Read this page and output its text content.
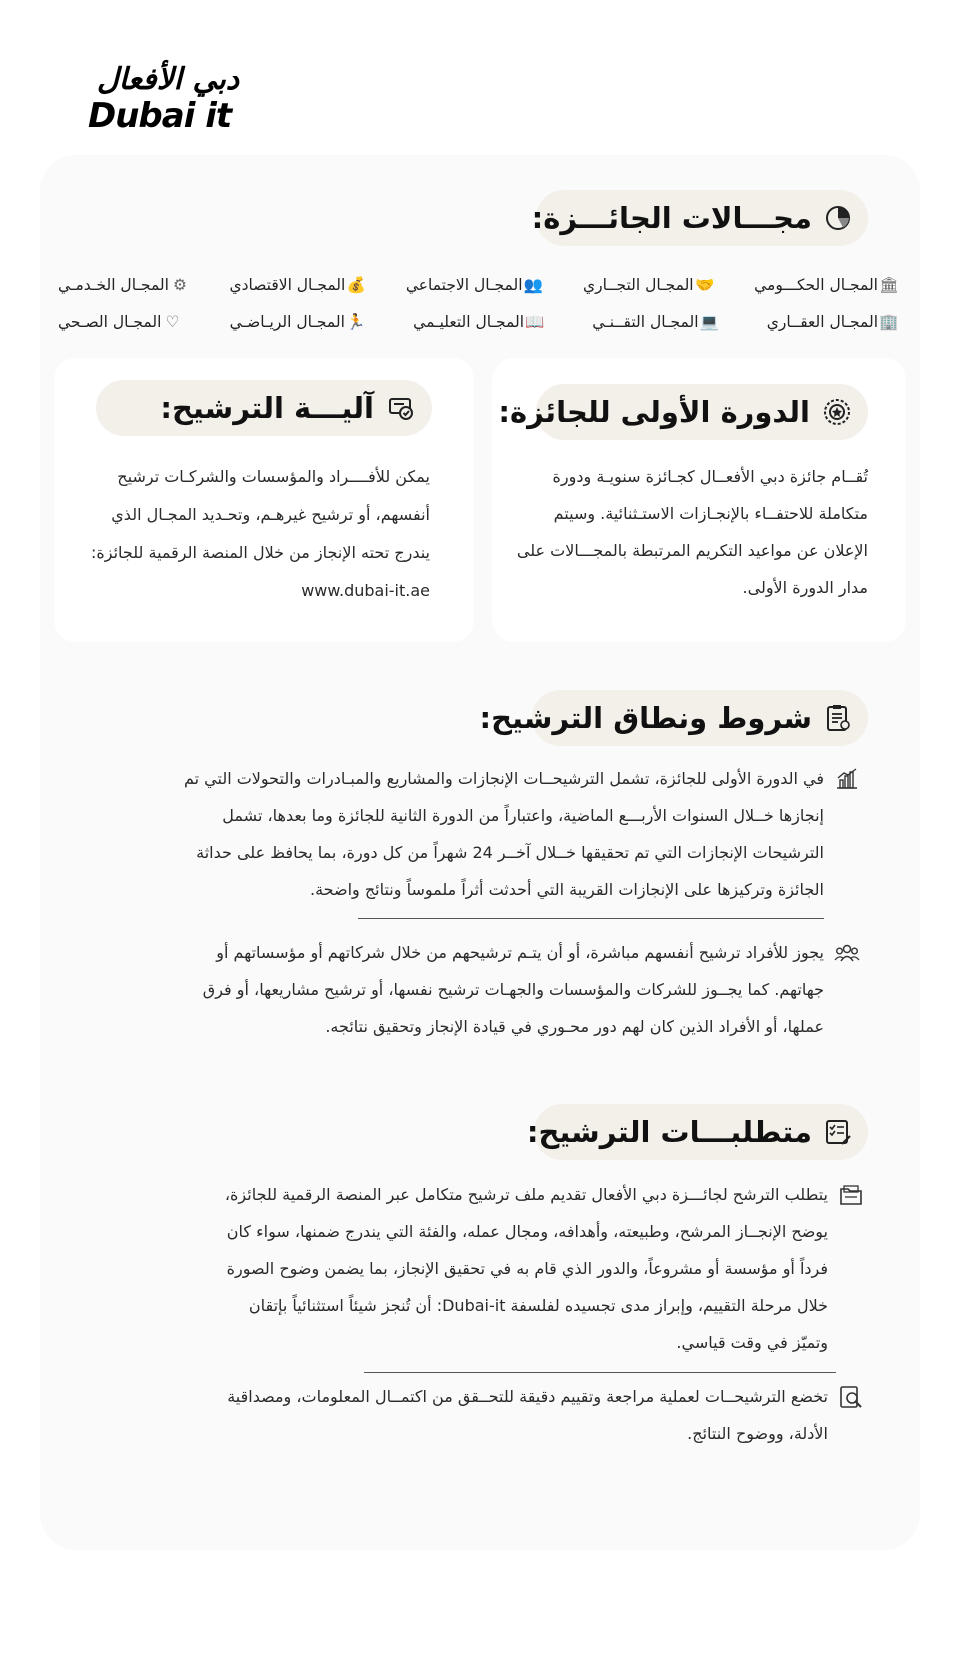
دبي الأفعال
Dubai it
مجـــالات الجائـــزة:
🏛
المجـال الحكـــومي
🤝
المجـال التجــاري
👥
المجـال الاجتماعي
💰
المجـال الاقتصادي
⚙
المجـال الخـدمـي
🏢
المجـال العقــاري
💻
المجـال التقــنـي
📖
المجـال التعليـمي
🏃
المجـال الريـاضـي
♡
المجـال الصـحي
الدورة الأولى للجائزة:
تُقــام جائزة دبي الأفعــال كجـائزة سنويـة ودورة
متكاملة للاحتفــاء بالإنجـازات الاستـثنائية. وسيتم
الإعلان عن مواعيد التكريم المرتبطة بالمجـــالات على
مدار الدورة الأولى.
آليـــة الترشيح:
يمكن للأفــــراد والمؤسسات والشركـات ترشيح
أنفسهم، أو ترشيح غيرهـم، وتحـديد المجـال الذي
يندرج تحته الإنجاز من خلال المنصة الرقمية للجائزة:
www.dubai-it.ae
شروط ونطاق الترشيح:
في الدورة الأولى للجائزة، تشمل الترشيحــات الإنجازات والمشاريع والمبـادرات والتحولات التي تم
إنجازها خــلال السنوات الأربـــع الماضية، واعتباراً من الدورة الثانية للجائزة وما بعدها، تشمل
الترشيحات الإنجازات التي تم تحقيقها خــلال آخــر 24 شهراً من كل دورة، بما يحافظ على حداثة
الجائزة وتركيزها على الإنجازات القريبة التي أحدثت أثراً ملموساً ونتائج واضحة.
يجوز للأفراد ترشيح أنفسهم مباشرة، أو أن يتـم ترشيحهم من خلال شركاتهم أو مؤسساتهم أو
جهاتهم. كما يجــوز للشركات والمؤسسات والجهـات ترشيح نفسها، أو ترشيح مشاريعها، أو فرق
عملها، أو الأفراد الذين كان لهم دور محـوري في قيادة الإنجاز وتحقيق نتائجه.
متطلبـــات الترشيح:
يتطلب الترشح لجائـــزة دبي الأفعال تقديم ملف ترشيح متكامل عبر المنصة الرقمية للجائزة،
يوضح الإنجــاز المرشح، وطبيعته، وأهدافه، ومجال عمله، والفئة التي يندرج ضمنها، سواء كان
فرداً أو مؤسسة أو مشروعاً، والدور الذي قام به في تحقيق الإنجاز، بما يضمن وضوح الصورة
خلال مرحلة التقييم، وإبراز مدى تجسيده لفلسفة Dubai-it: أن تُنجز شيئاً استثنائياً بإتقان
وتميّز في وقت قياسي.
تخضع الترشيحــات لعملية مراجعة وتقييم دقيقة للتحــقق من اكتمــال المعلومات، ومصداقية
الأدلة، ووضوح النتائج.
